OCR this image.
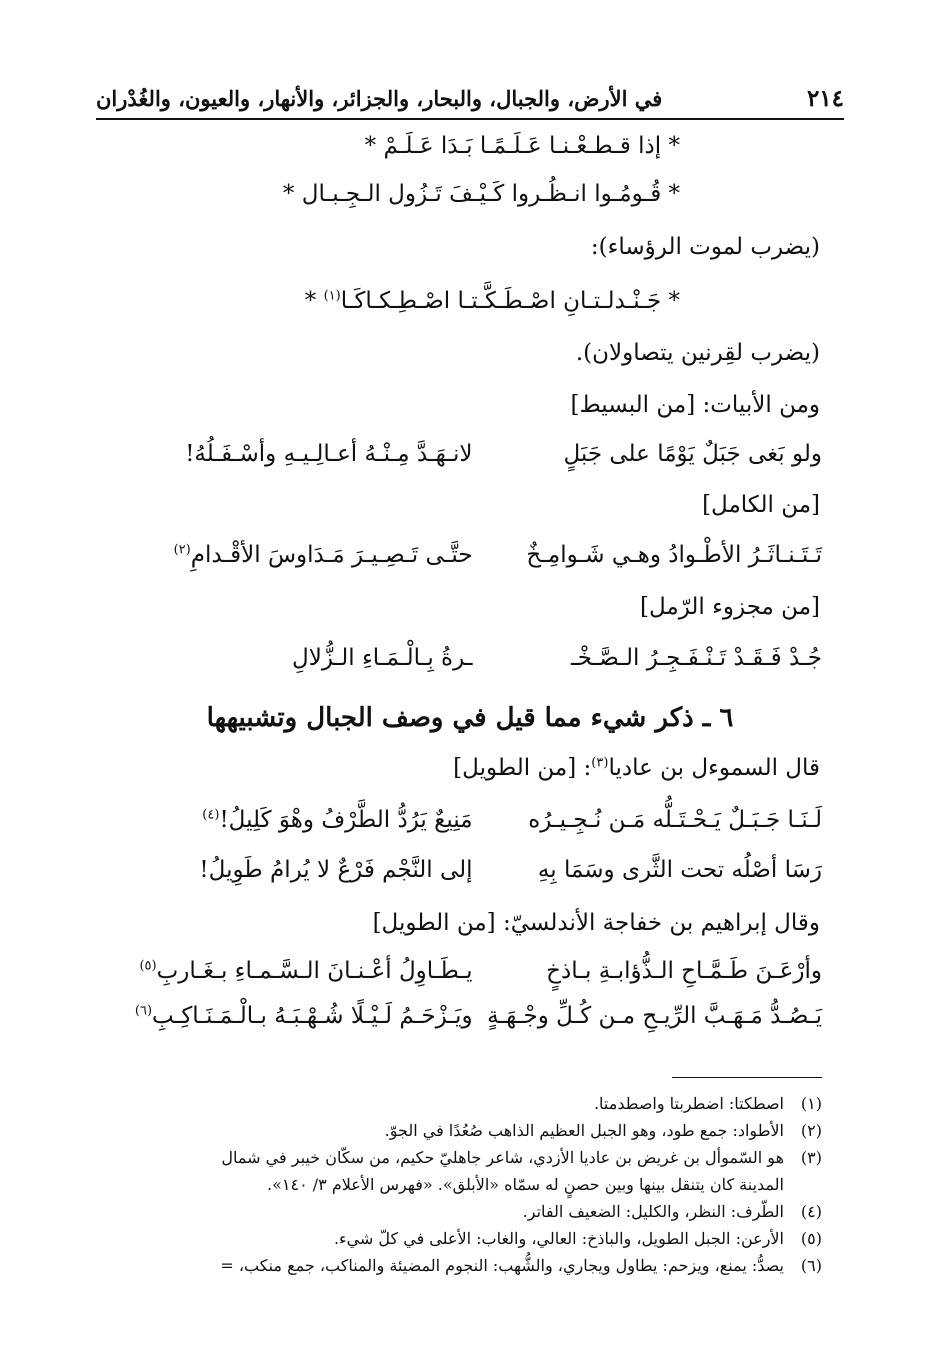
٢١٤
في الأرض، والجبال، والبحار، والجزائر، والأنهار، والعيون، والغُدْران
* إذا قـطـعْـنـا عَـلَـمًـا بَـدَا عَـلَـمْ *
* قُـومُـوا انـظُـروا كَـيْـفَ تَـزُول الـجِـبـال *
(يضرب لموت الرؤساء):
* جَـنْـدلـتـانِ اصْـطَـكَّـتـا اصْـطِـكـاكَـا$^{(١)}$ *
(يضرب لقِرنين يتصاولان).
ومن الأبيات: [من البسيط]
ولو بَغى جَبَلٌ يَوْمًا على جَبَلٍ
لانـهَـدَّ مِـنْـهُ أعـالِـيـهِ وأسْـفَـلُهُ!
[من الكامل]
تَـتَـنـاثَـرُ الأطْـوادُ وهـي شَـوامِـخٌ
حتَّـى تَـصِـيـرَ مَـدَاوسَ الأقْـدامِ$^{(٢)}$
[من مجزوء الرّمل]
جُـدْ فَـقَـدْ تَـنْـفَـجِـرُ الـصَّـخْـ
ـرةُ بِـالْـمَـاءِ الـزُّلالِ
٦ ـ ذكر شيء مما قيل في وصف الجبال وتشبيهها
قال السموءل بن عاديا$^{(٣)}$: [من الطويل]
لَـنَـا جَـبَـلٌ يَـحْـتَـلُّه مَـن نُـجِـيـرُه
مَنِيعٌ يَرُدُّ الطَّرْفُ وهْوَ كَلِيلُ!$^{(٤)}$
رَسَا أصْلُه تحت الثَّرى وسَمَا بِهِ
إلى النَّجْم فَرْعٌ لا يُرامُ طَوِيلُ!
وقال إبراهيم بن خفاجة الأندلسيّ: [من الطويل]
وأرْعَـنَ طَـمَّـاحِ الـذُّؤابـةِ بـاذخٍ
يـطَـاوِلُ أعْـنـانَ الـسَّـمـاءِ بـغَـاربِ$^{(٥)}$
يَـصُـدُّ مَـهَـبَّ الرِّيـحِ مـن كُـلِّ وجْـهَـةٍ
ويَـزْحَـمُ لَـيْـلًا شُـهْـبَـهُ بـالْـمَـنَـاكِـبِ$^{(٦)}$
(١)اصطكتا: اضطربتا واصطدمتا.
(٢)الأطواد: جمع طود، وهو الجبل العظيم الذاهب صُعُدًا في الجوّ.
(٣)هو السّموأل بن غريض بن عاديا الأزدي، شاعر جاهليّ حكيم، من سكّان خيبر في شمال
المدينة كان يتنقل بينها وبين حصنٍ له سمّاه «الأبلق». «فهرس الأعلام ٣/ ١٤٠».
(٤)الطّرف: النظر، والكليل: الضعيف الفاتر.
(٥)الأرعن: الجبل الطويل، والباذخ: العالي، والغاب: الأعلى في كلّ شيء.
(٦)يصدُّ: يمنع، ويزحم: يطاول ويجاري، والشُّهب: النجوم المضيئة والمناكب، جمع منكب، =
